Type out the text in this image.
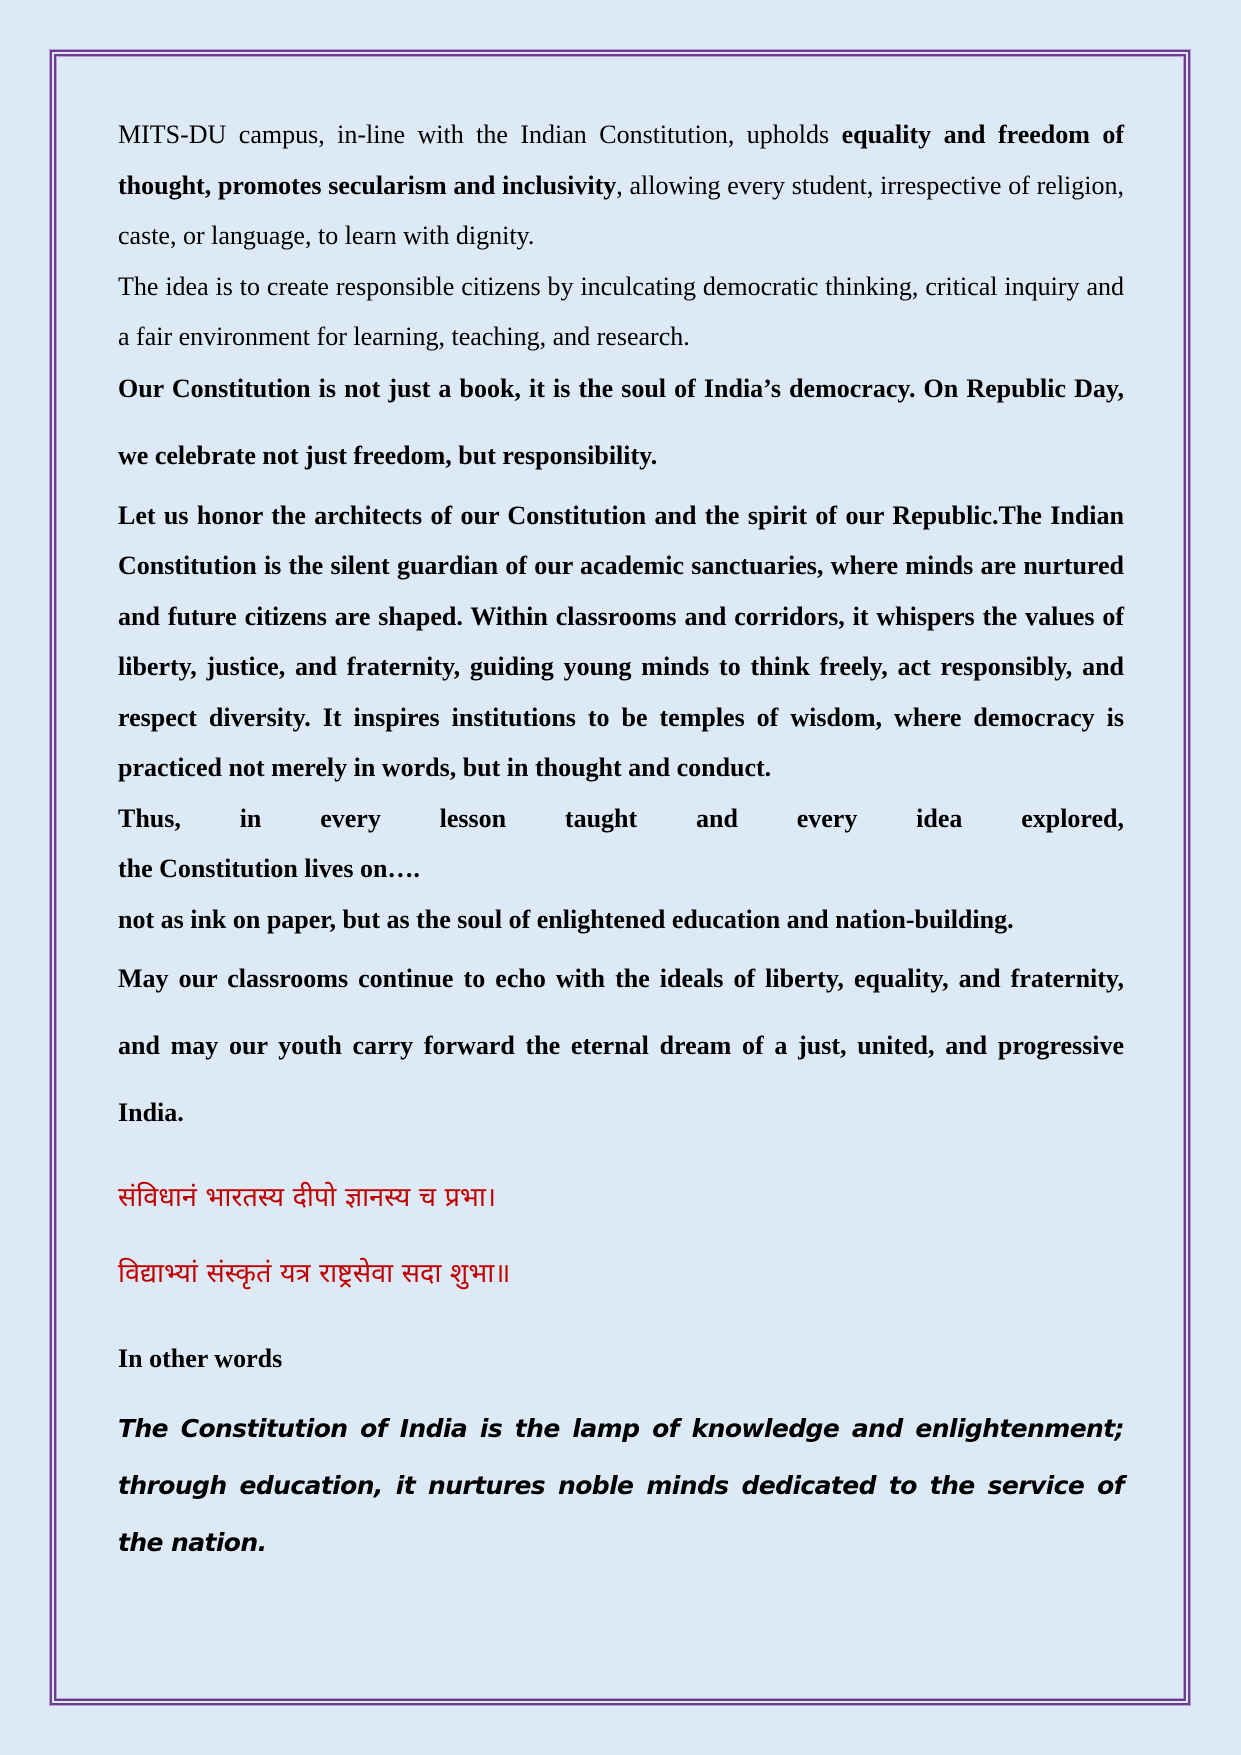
MITS-DU campus, in-line with the Indian Constitution, upholds equality and freedom of thought, promotes secularism and inclusivity, allowing every student, irrespective of religion, caste, or language, to learn with dignity.

The idea is to create responsible citizens by inculcating democratic thinking, critical inquiry and a fair environment for learning, teaching, and research.

Our Constitution is not just a book, it is the soul of India’s democracy. On Republic Day, we celebrate not just freedom, but responsibility.

Let us honor the architects of our Constitution and the spirit of our Republic.The Indian Constitution is the silent guardian of our academic sanctuaries, where minds are nurtured and future citizens are shaped. Within classrooms and corridors, it whispers the values of liberty, justice, and fraternity, guiding young minds to think freely, act responsibly, and respect diversity. It inspires institutions to be temples of wisdom, where democracy is practiced not merely in words, but in thought and conduct.

Thus, in every lesson taught and every idea explored,

the Constitution lives on….

not as ink on paper, but as the soul of enlightened education and nation-building.

May our classrooms continue to echo with the ideals of liberty, equality, and fraternity, and may our youth carry forward the eternal dream of a just, united, and progressive India.

संविधानं भारतस्य दीपो ज्ञानस्य च प्रभा।

विद्याभ्यां संस्कृतं यत्र राष्ट्रसेवा सदा शुभा॥

In other words

The Constitution of India is the lamp of knowledge and enlightenment; through education, it nurtures noble minds dedicated to the service of the nation.
